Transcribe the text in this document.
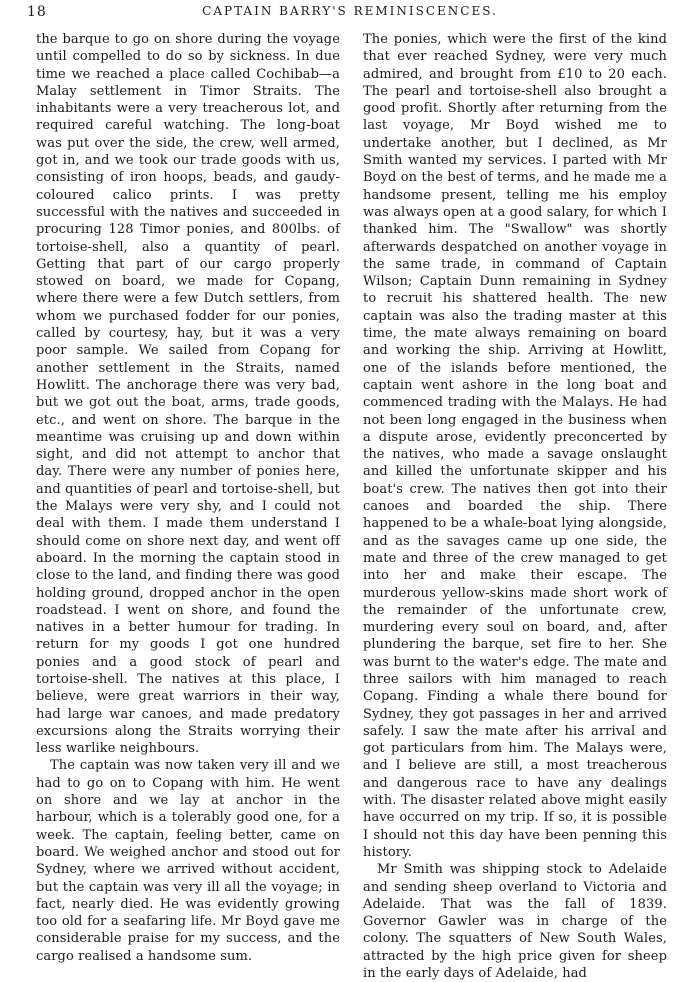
18	CAPTAIN BARRY'S REMINISCENCES.

the barque to go on shore during the voyage until compelled to do so by sickness. In due time we reached a place called Cochibab—a Malay settlement in Timor Straits. The inhabitants were a very treacherous lot, and required careful watching. The long-boat was put over the side, the crew, well armed, got in, and we took our trade goods with us, consisting of iron hoops, beads, and gaudy-coloured calico prints. I was pretty successful with the natives and succeeded in procuring 128 Timor ponies, and 800lbs. of tortoise-shell, also a quantity of pearl. Getting that part of our cargo properly stowed on board, we made for Copang, where there were a few Dutch settlers, from whom we purchased fodder for our ponies, called by courtesy, hay, but it was a very poor sample. We sailed from Copang for another settlement in the Straits, named Howlitt. The anchorage there was very bad, but we got out the boat, arms, trade goods, etc., and went on shore. The barque in the meantime was cruising up and down within sight, and did not attempt to anchor that day. There were any number of ponies here, and quantities of pearl and tortoise-shell, but the Malays were very shy, and I could not deal with them. I made them understand I should come on shore next day, and went off aboard. In the morning the captain stood in close to the land, and finding there was good holding ground, dropped anchor in the open roadstead. I went on shore, and found the natives in a better humour for trading. In return for my goods I got one hundred ponies and a good stock of pearl and tortoise-shell. The natives at this place, I believe, were great warriors in their way, had large war canoes, and made predatory excursions along the Straits worrying their less warlike neighbours.

The captain was now taken very ill and we had to go on to Copang with him. He went on shore and we lay at anchor in the harbour, which is a tolerably good one, for a week. The captain, feeling better, came on board. We weighed anchor and stood out for Sydney, where we arrived without accident, but the captain was very ill all the voyage; in fact, nearly died. He was evidently growing too old for a seafaring life. Mr Boyd gave me considerable praise for my success, and the cargo realised a handsome sum.

The ponies, which were the first of the kind that ever reached Sydney, were very much admired, and brought from £10 to 20 each. The pearl and tortoise-shell also brought a good profit. Shortly after returning from the last voyage, Mr Boyd wished me to undertake another, but I declined, as Mr Smith wanted my services. I parted with Mr Boyd on the best of terms, and he made me a handsome present, telling me his employ was always open at a good salary, for which I thanked him. The "Swallow" was shortly afterwards despatched on another voyage in the same trade, in command of Captain Wilson; Captain Dunn remaining in Sydney to recruit his shattered health. The new captain was also the trading master at this time, the mate always remaining on board and working the ship. Arriving at Howlitt, one of the islands before mentioned, the captain went ashore in the long boat and commenced trading with the Malays. He had not been long engaged in the business when a dispute arose, evidently preconcerted by the natives, who made a savage onslaught and killed the unfortunate skipper and his boat's crew. The natives then got into their canoes and boarded the ship. There happened to be a whale-boat lying alongside, and as the savages came up one side, the mate and three of the crew managed to get into her and make their escape. The murderous yellow-skins made short work of the remainder of the unfortunate crew, murdering every soul on board, and, after plundering the barque, set fire to her. She was burnt to the water's edge. The mate and three sailors with him managed to reach Copang. Finding a whale there bound for Sydney, they got passages in her and arrived safely. I saw the mate after his arrival and got particulars from him. The Malays were, and I believe are still, a most treacherous and dangerous race to have any dealings with. The disaster related above might easily have occurred on my trip. If so, it is possible I should not this day have been penning this history.

Mr Smith was shipping stock to Adelaide and sending sheep overland to Victoria and Adelaide. That was the fall of 1839. Governor Gawler was in charge of the colony. The squatters of New South Wales, attracted by the high price given for sheep in the early days of Adelaide, had
